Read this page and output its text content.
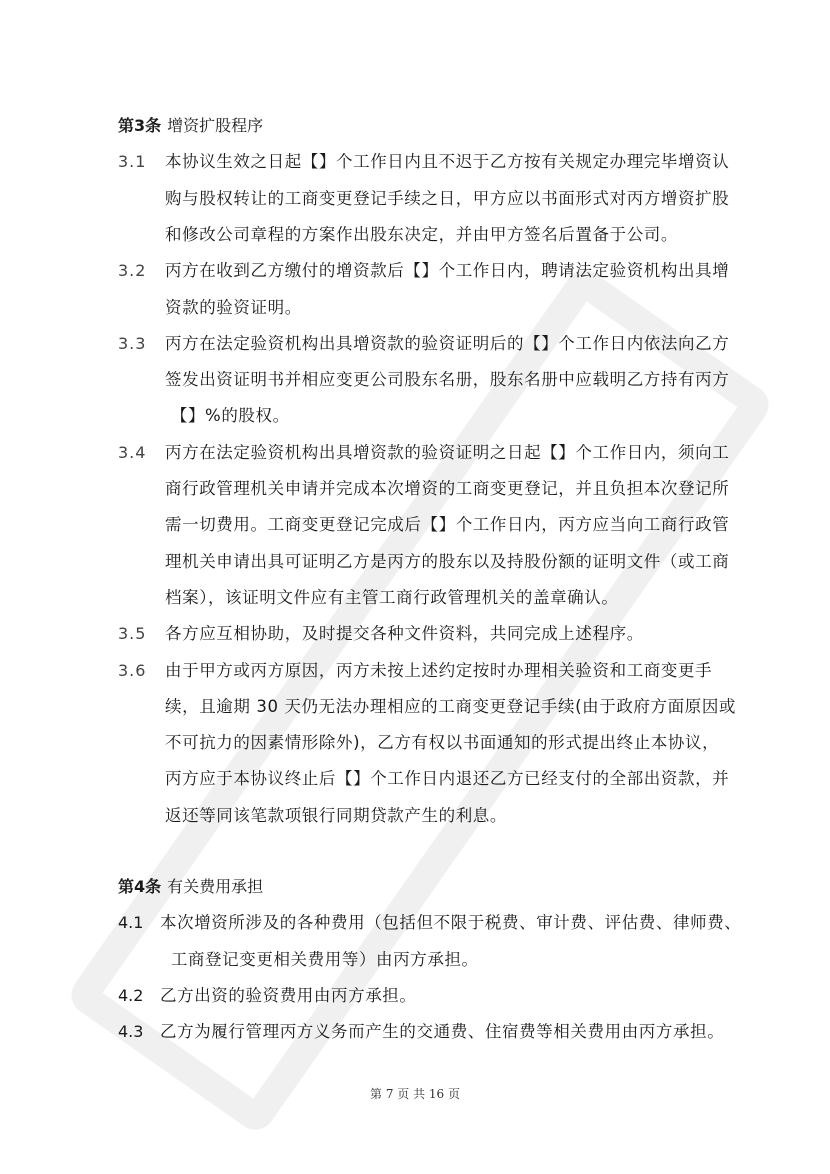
第3条 增资扩股程序
3.1 本协议生效之日起【】个工作日内且不迟于乙方按有关规定办理完毕增资认
购与股权转让的工商变更登记手续之日，甲方应以书面形式对丙方增资扩股
和修改公司章程的方案作出股东决定，并由甲方签名后置备于公司。
3.2 丙方在收到乙方缴付的增资款后【】个工作日内，聘请法定验资机构出具增
资款的验资证明。
3.3 丙方在法定验资机构出具增资款的验资证明后的【】个工作日内依法向乙方
签发出资证明书并相应变更公司股东名册，股东名册中应载明乙方持有丙方
【】%的股权。
3.4 丙方在法定验资机构出具增资款的验资证明之日起【】个工作日内，须向工
商行政管理机关申请并完成本次增资的工商变更登记，并且负担本次登记所
需一切费用。工商变更登记完成后【】个工作日内，丙方应当向工商行政管
理机关申请出具可证明乙方是丙方的股东以及持股份额的证明文件（或工商
档案），该证明文件应有主管工商行政管理机关的盖章确认。
3.5 各方应互相协助，及时提交各种文件资料，共同完成上述程序。
3.6 由于甲方或丙方原因，丙方未按上述约定按时办理相关验资和工商变更手
续，且逾期 30 天仍无法办理相应的工商变更登记手续(由于政府方面原因或
不可抗力的因素情形除外)，乙方有权以书面通知的形式提出终止本协议，
丙方应于本协议终止后【】个工作日内退还乙方已经支付的全部出资款，并
返还等同该笔款项银行同期贷款产生的利息。
第4条 有关费用承担
4.1 本次增资所涉及的各种费用（包括但不限于税费、审计费、评估费、律师费、
工商登记变更相关费用等）由丙方承担。
4.2 乙方出资的验资费用由丙方承担。
4.3 乙方为履行管理丙方义务而产生的交通费、住宿费等相关费用由丙方承担。
第 7 页 共 16 页
